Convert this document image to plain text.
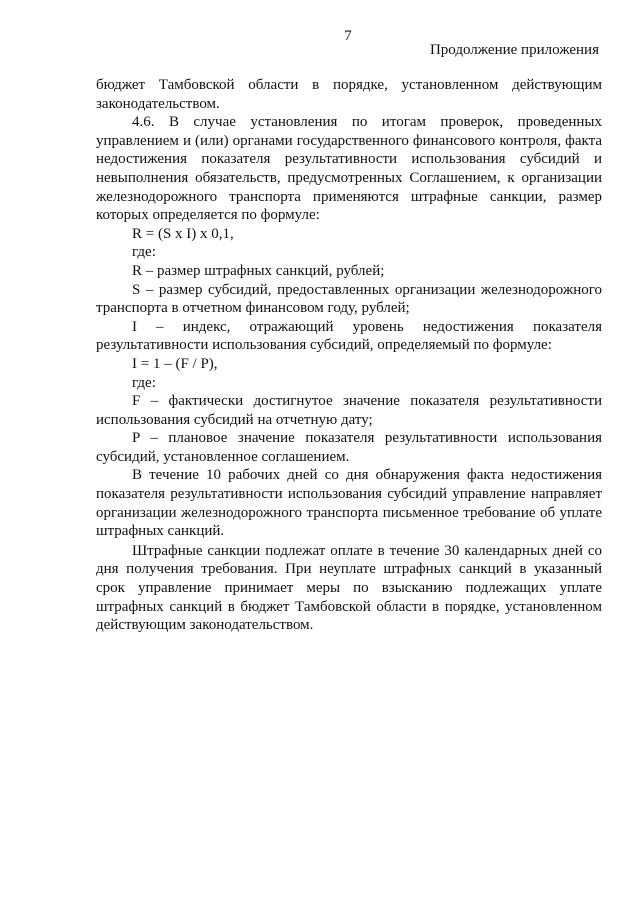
7
Продолжение приложения

бюджет Тамбовской области в порядке, установленном действующим законодательством.

4.6. В случае установления по итогам проверок, проведенных управлением и (или) органами государственного финансового контроля, факта недостижения показателя результативности использования субсидий и невыполнения обязательств, предусмотренных Соглашением, к организации железнодорожного транспорта применяются штрафные санкции, размер которых определяется по формуле:

R = (S x I) x 0,1,

где:

R – размер штрафных санкций, рублей;

S – размер субсидий, предоставленных организации железнодорожного транспорта в отчетном финансовом году, рублей;

I – индекс, отражающий уровень недостижения показателя результативности использования субсидий, определяемый по формуле:

I = 1 – (F / P),

где:

F – фактически достигнутое значение показателя результативности использования субсидий на отчетную дату;

P – плановое значение показателя результативности использования субсидий, установленное соглашением.

В течение 10 рабочих дней со дня обнаружения факта недостижения показателя результативности использования субсидий управление направляет организации железнодорожного транспорта письменное требование об уплате штрафных санкций.

Штрафные санкции подлежат оплате в течение 30 календарных дней со дня получения требования. При неуплате штрафных санкций в указанный срок управление принимает меры по взысканию подлежащих уплате штрафных санкций в бюджет Тамбовской области в порядке, установленном действующим законодательством.
